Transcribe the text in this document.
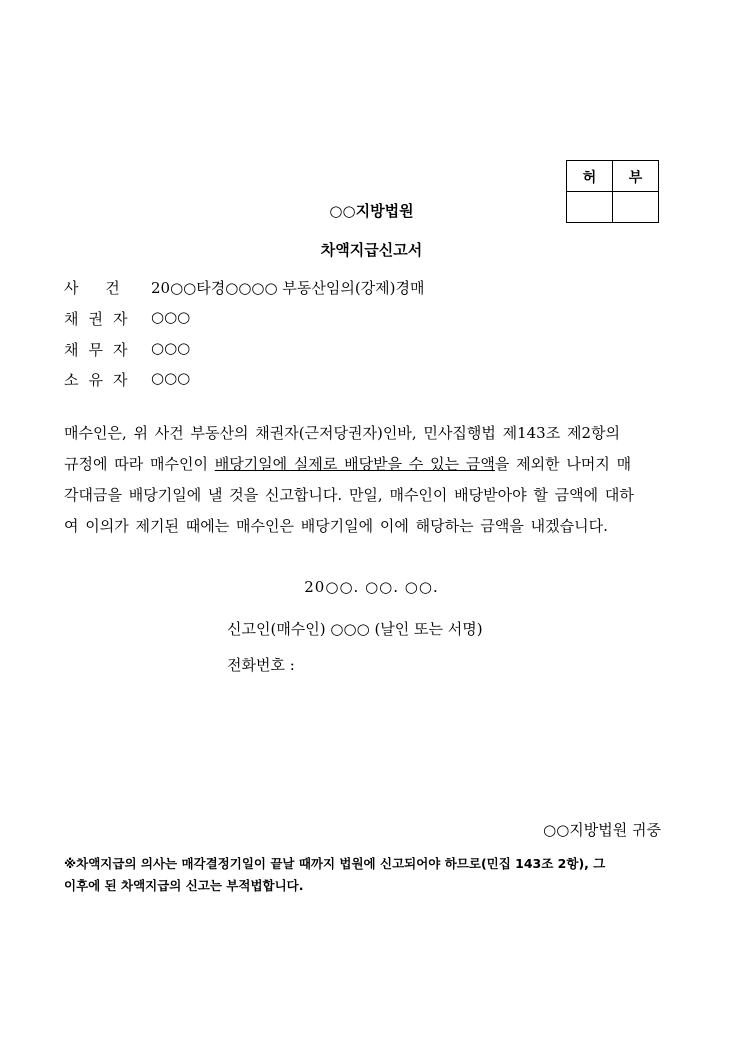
허	부
○○지방법원
차액지급신고서
사 건 20○○타경○○○○ 부동산임의(강제)경매
채권자 ○○○
채무자 ○○○
소유자 ○○○
매수인은, 위 사건 부동산의 채권자(근저당권자)인바, 민사집행법 제143조 제2항의
규정에 따라 매수인이 배당기일에 실제로 배당받을 수 있는 금액을 제외한 나머지 매
각대금을 배당기일에 낼 것을 신고합니다. 만일, 매수인이 배당받아야 할 금액에 대하
여 이의가 제기된 때에는 매수인은 배당기일에 이에 해당하는 금액을 내겠습니다.
20○○. ○○. ○○.
신고인(매수인) ○○○ (날인 또는 서명)
전화번호 :
○○지방법원 귀중
※차액지급의 의사는 매각결정기일이 끝날 때까지 법원에 신고되어야 하므로(민집 143조 2항), 그
이후에 된 차액지급의 신고는 부적법합니다.
